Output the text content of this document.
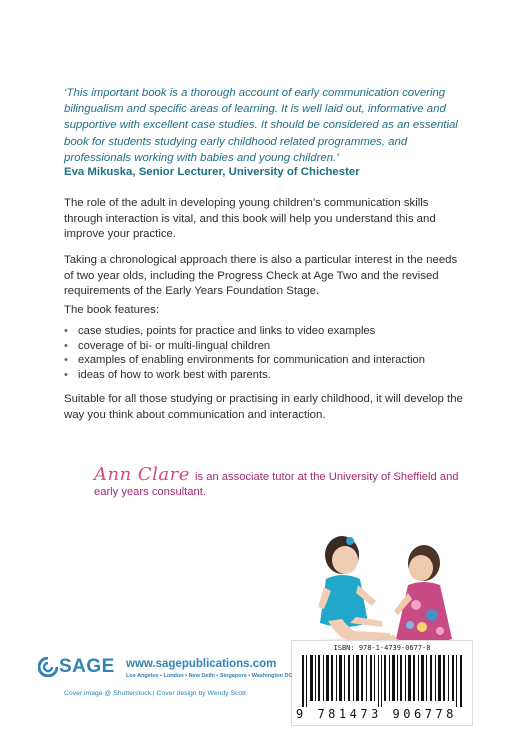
‘This important book is a thorough account of early communication covering bilingualism and specific areas of learning. It is well laid out, informative and supportive with excellent case studies. It should be considered as an essential book for students studying early childhood related programmes, and professionals working with babies and young children.’
Eva Mikuska, Senior Lecturer, University of Chichester
The role of the adult in developing young children’s communication skills through interaction is vital, and this book will help you understand this and improve your practice.
Taking a chronological approach there is also a particular interest in the needs of two year olds, including the Progress Check at Age Two and the revised requirements of the Early Years Foundation Stage.
The book features:
• case studies, points for practice and links to video examples
• coverage of bi- or multi-lingual children
• examples of enabling environments for communication and interaction
• ideas of how to work best with parents.
Suitable for all those studying or practising in early childhood, it will develop the way you think about communication and interaction.
Ann Clare is an associate tutor at the University of Sheffield and early years consultant.
ISBN: 978-1-4739-0677-8
9 781473 906778
SAGE www.sagepublications.com
Los Angeles • London • New Delhi • Singapore • Washington DC
Cover image @ Shutterstock | Cover design by Wendy Scott
